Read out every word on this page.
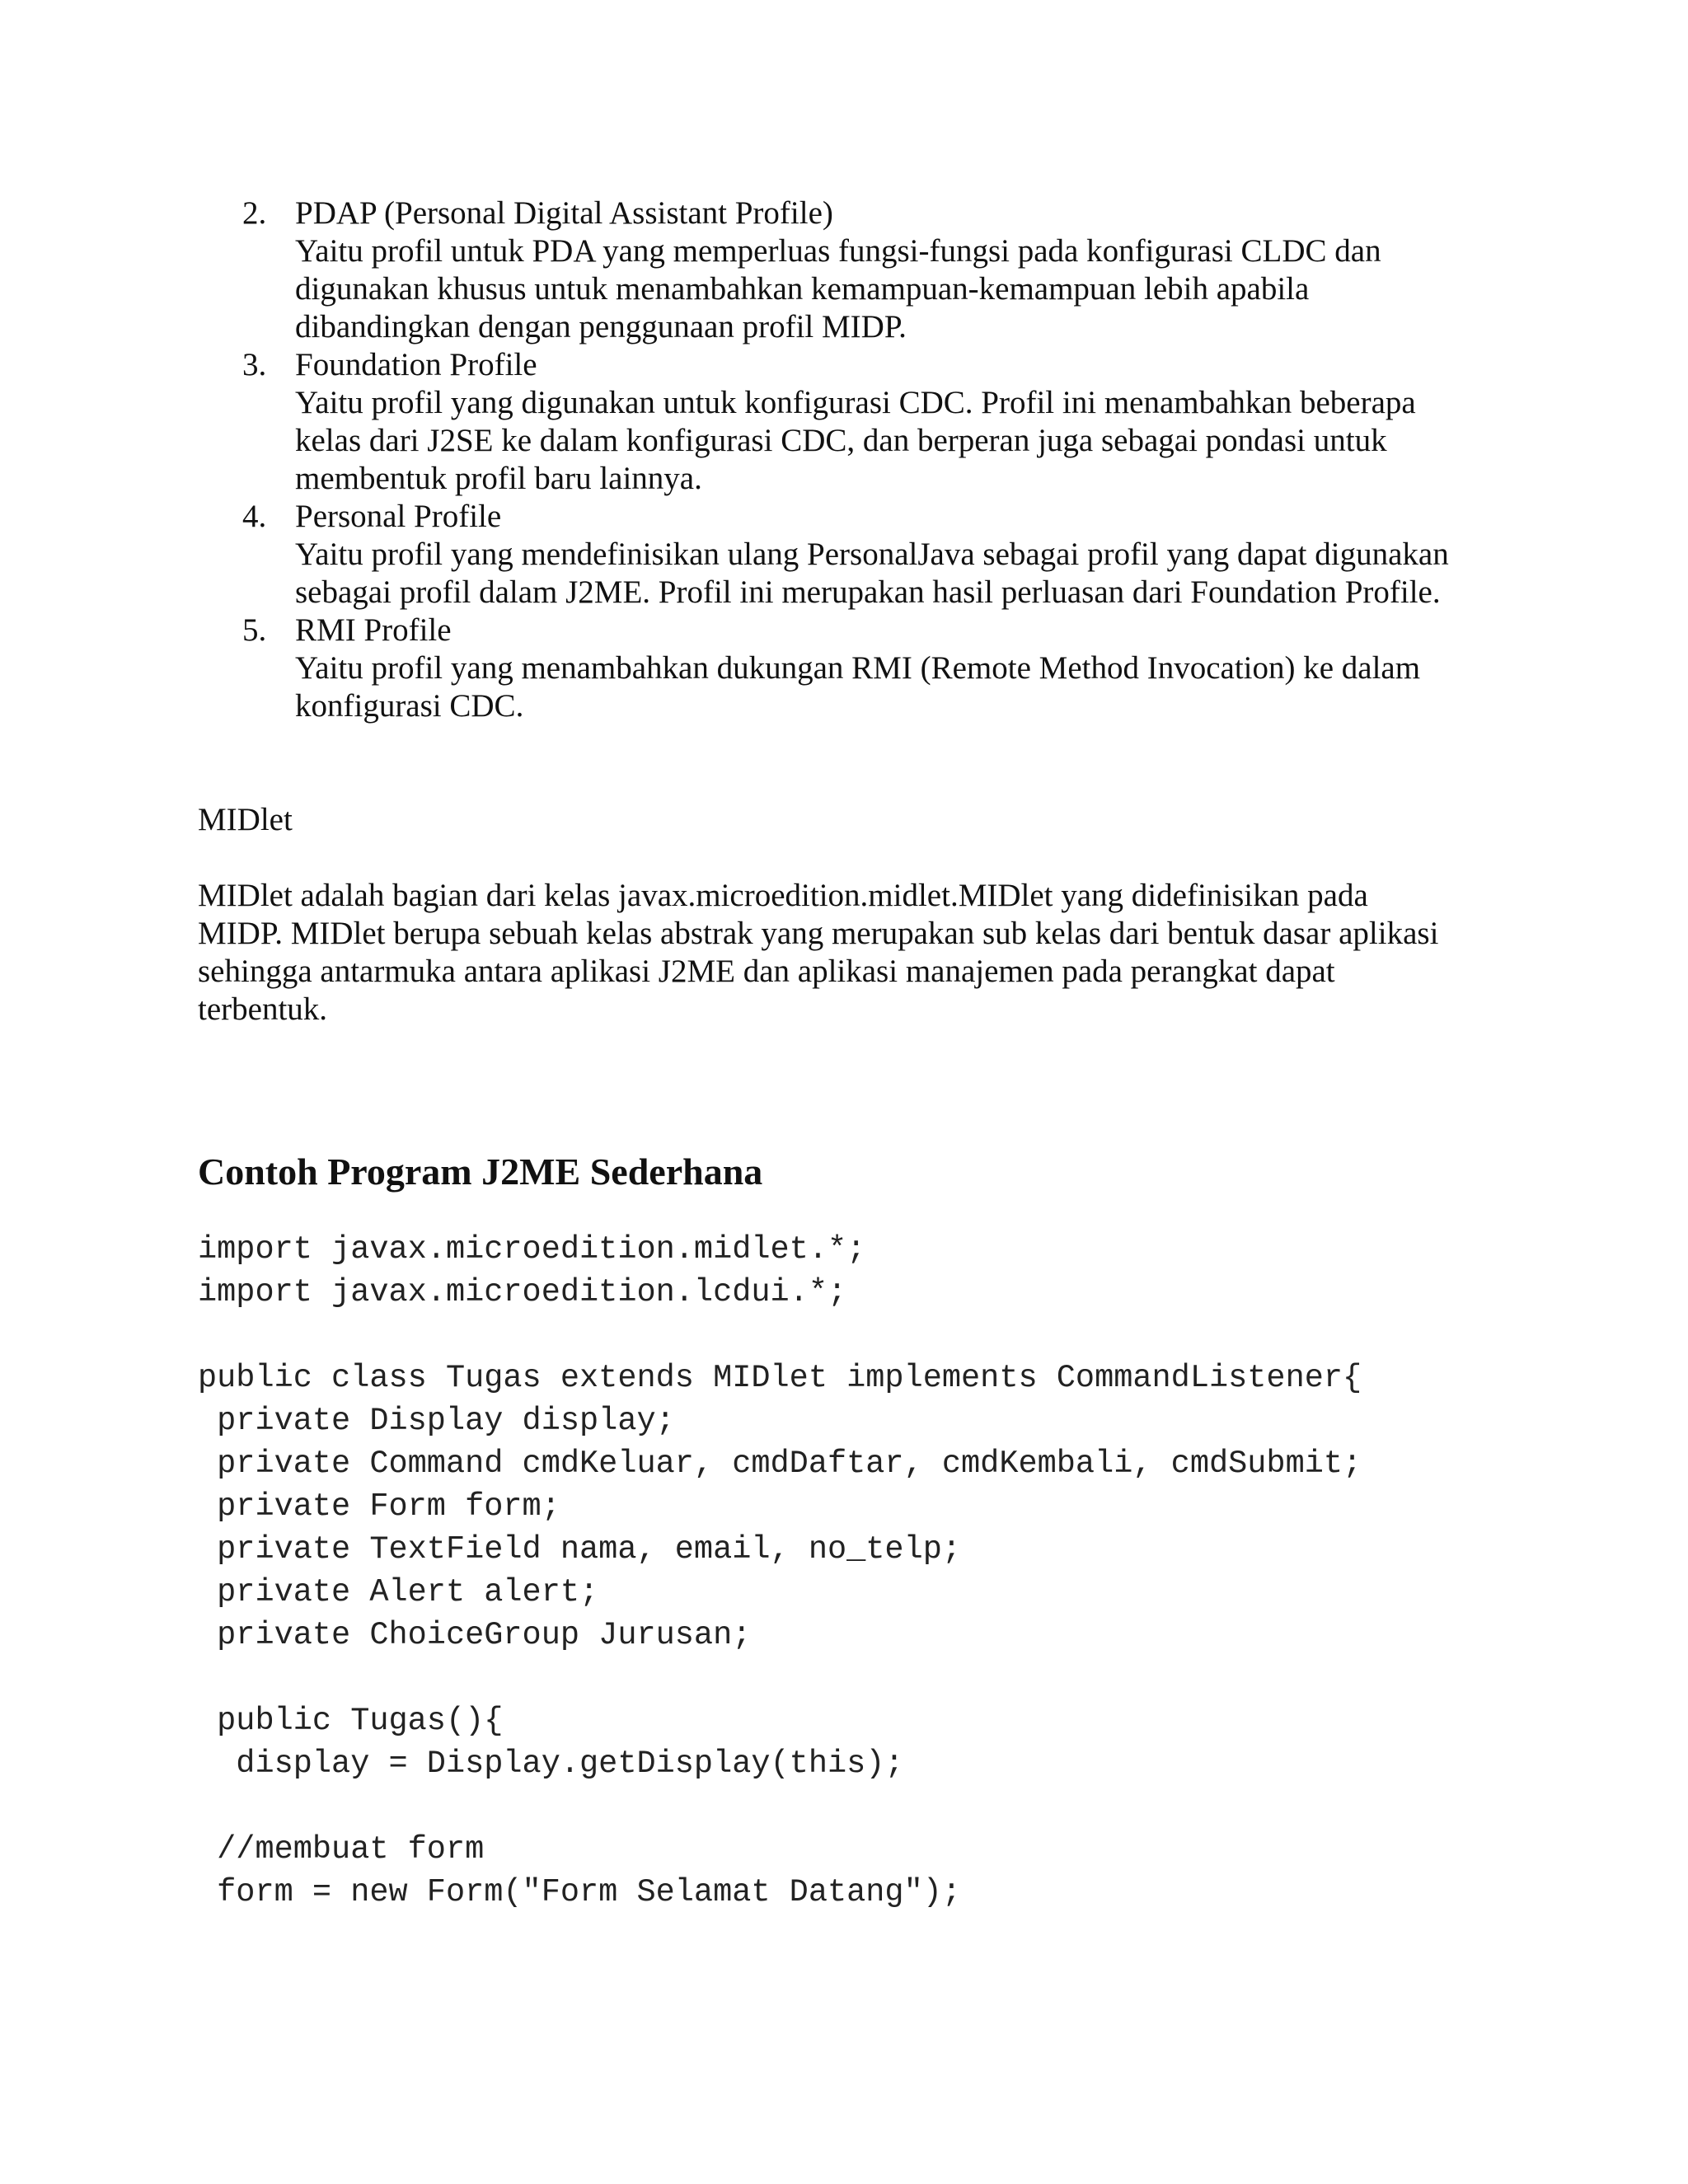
2. PDAP (Personal Digital Assistant Profile)
Yaitu profil untuk PDA yang memperluas fungsi-fungsi pada konfigurasi CLDC dan
digunakan khusus untuk menambahkan kemampuan-kemampuan lebih apabila
dibandingkan dengan penggunaan profil MIDP.
3. Foundation Profile
Yaitu profil yang digunakan untuk konfigurasi CDC. Profil ini menambahkan beberapa
kelas dari J2SE ke dalam konfigurasi CDC, dan berperan juga sebagai pondasi untuk
membentuk profil baru lainnya.
4. Personal Profile
Yaitu profil yang mendefinisikan ulang PersonalJava sebagai profil yang dapat digunakan
sebagai profil dalam J2ME. Profil ini merupakan hasil perluasan dari Foundation Profile.
5. RMI Profile
Yaitu profil yang menambahkan dukungan RMI (Remote Method Invocation) ke dalam
konfigurasi CDC.
MIDlet

MIDlet adalah bagian dari kelas javax.microedition.midlet.MIDlet yang didefinisikan pada
MIDP. MIDlet berupa sebuah kelas abstrak yang merupakan sub kelas dari bentuk dasar aplikasi
sehingga antarmuka antara aplikasi J2ME dan aplikasi manajemen pada perangkat dapat
terbentuk.

Contoh Program J2ME Sederhana
import javax.microedition.midlet.*;
import javax.microedition.lcdui.*;
public class Tugas extends MIDlet implements CommandListener{
private Display display;
private Command cmdKeluar, cmdDaftar, cmdKembali, cmdSubmit;
private Form form;
private TextField nama, email, no_telp;
private Alert alert;
private ChoiceGroup Jurusan;
public Tugas(){
display = Display.getDisplay(this);
//membuat form
form = new Form("Form Selamat Datang");
